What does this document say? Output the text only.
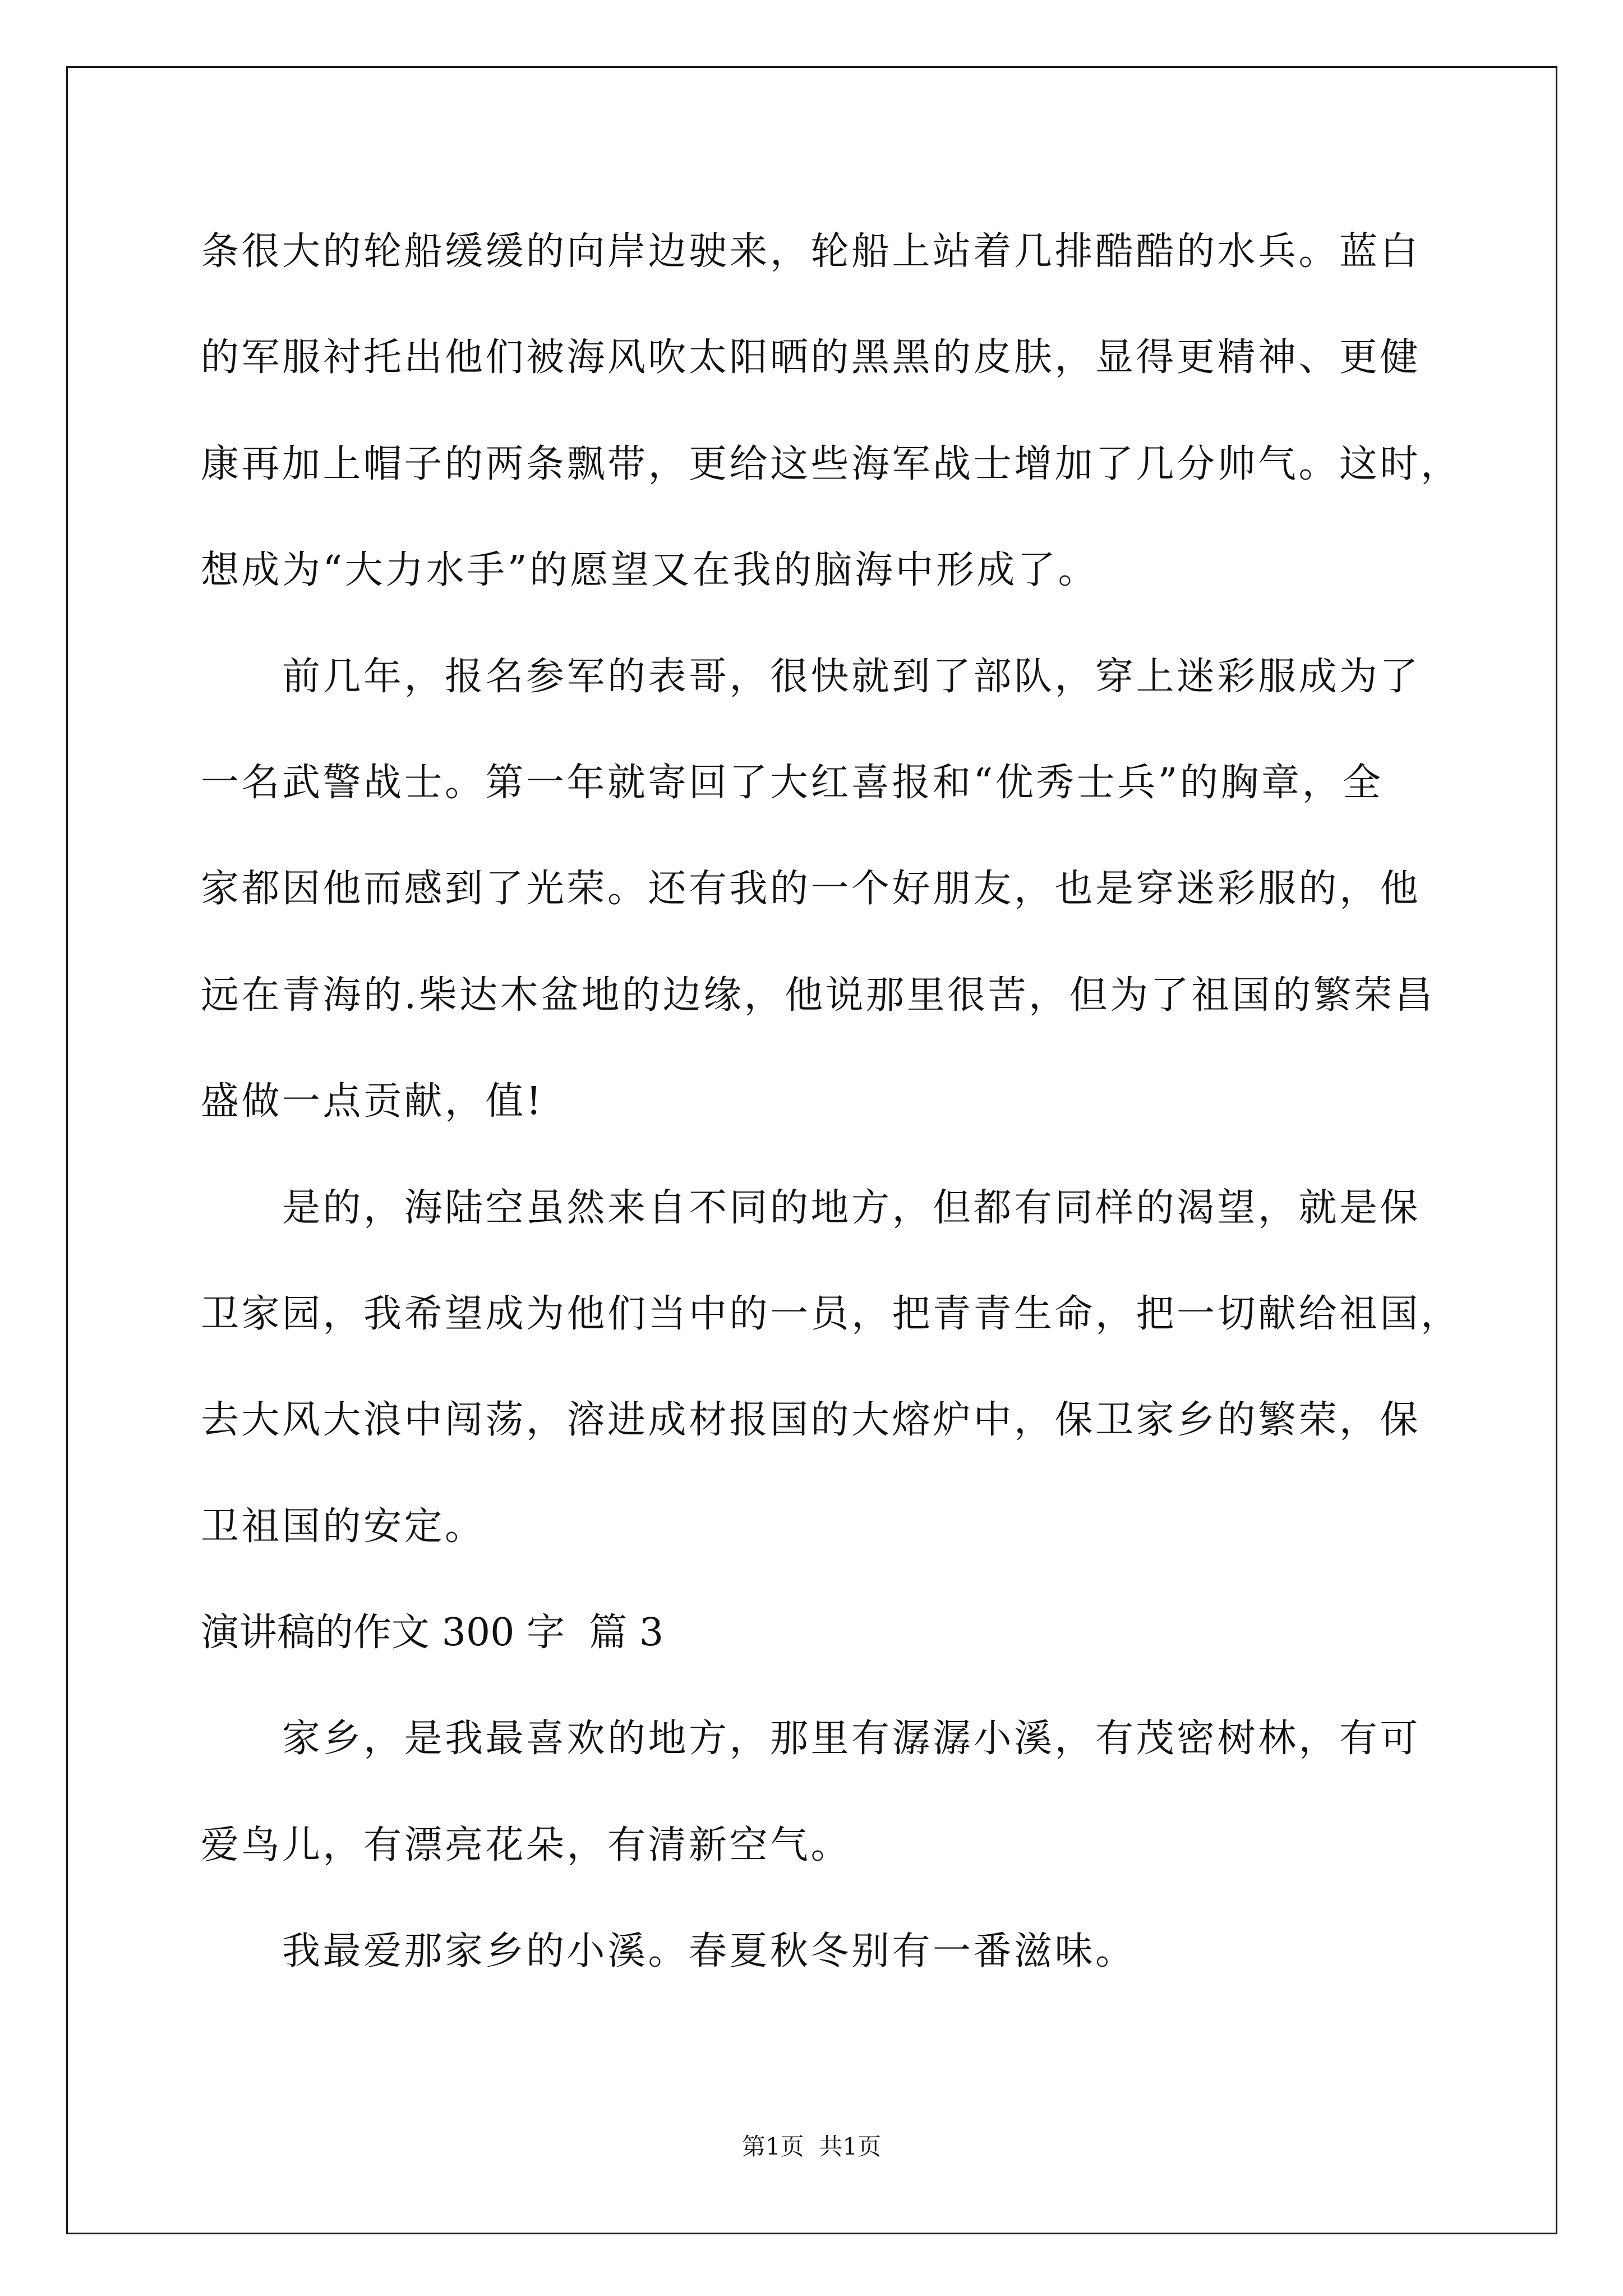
条很大的轮船缓缓的向岸边驶来，轮船上站着几排酷酷的水兵。蓝白
的军服衬托出他们被海风吹太阳晒的黑黑的皮肤，显得更精神、更健
康再加上帽子的两条飘带，更给这些海军战士增加了几分帅气。这时，
想成为“大力水手”的愿望又在我的脑海中形成了。
前几年，报名参军的表哥，很快就到了部队，穿上迷彩服成为了
一名武警战士。第一年就寄回了大红喜报和“优秀士兵”的胸章，全
家都因他而感到了光荣。还有我的一个好朋友，也是穿迷彩服的，他
远在青海的.柴达木盆地的边缘，他说那里很苦，但为了祖国的繁荣昌
盛做一点贡献，值!
是的，海陆空虽然来自不同的地方，但都有同样的渴望，就是保
卫家园，我希望成为他们当中的一员，把青青生命，把一切献给祖国，
去大风大浪中闯荡，溶进成材报国的大熔炉中，保卫家乡的繁荣，保
卫祖国的安定。
演讲稿的作文 300 字  篇 3
家乡，是我最喜欢的地方，那里有潺潺小溪，有茂密树林，有可
爱鸟儿，有漂亮花朵，有清新空气。
我最爱那家乡的小溪。春夏秋冬别有一番滋味。
第1页  共1页
